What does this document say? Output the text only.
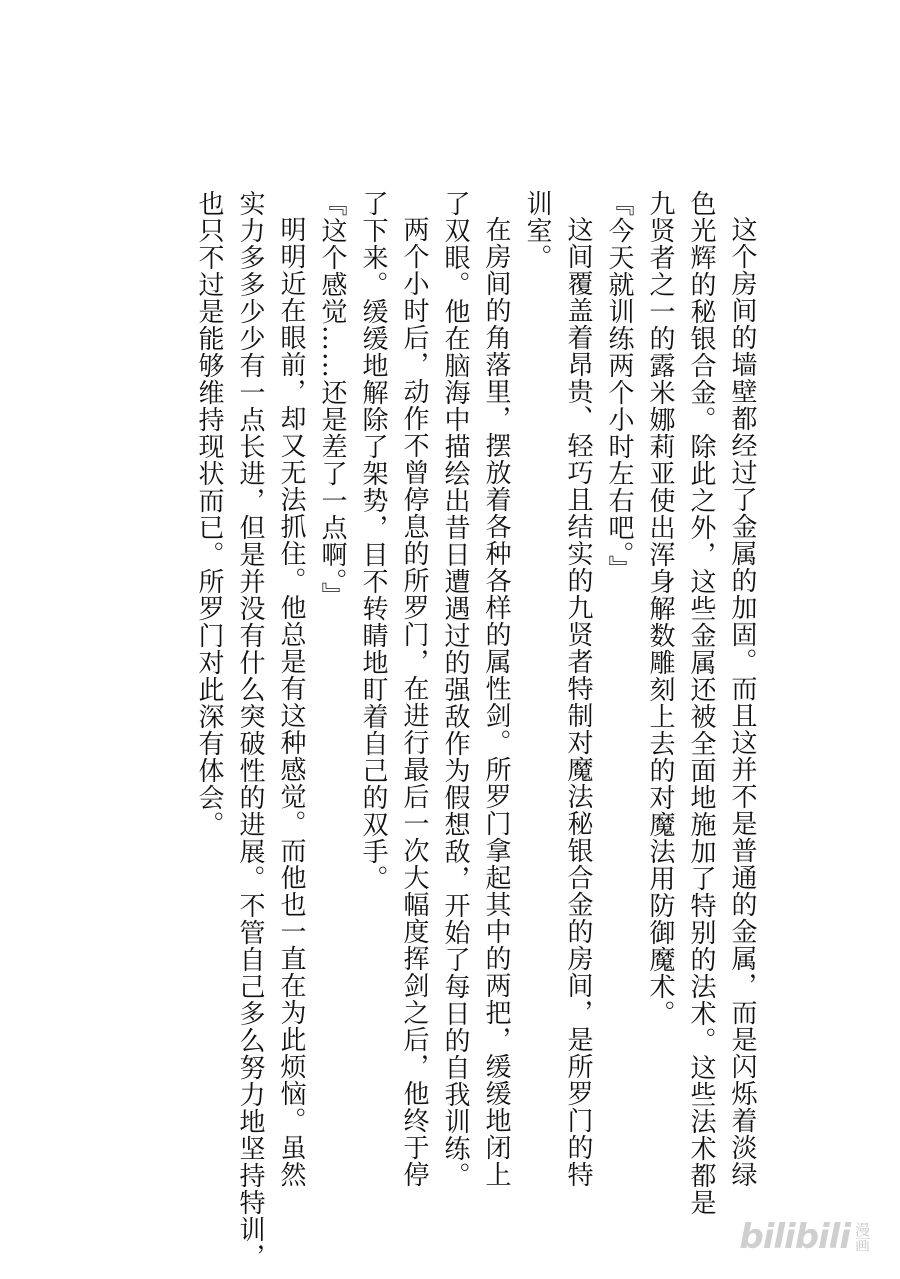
这个房间的墙壁都经过了金属的加固。而且这并不是普通的金属，而是闪烁着淡绿
色光辉的秘银合金。除此之外，这些金属还被全面地施加了特别的法术。这些法术都是
九贤者之一的露米娜莉亚使出浑身解数雕刻上去的对魔法用防御魔术。
『今天就训练两个小时左右吧。』
这间覆盖着昂贵、轻巧且结实的九贤者特制对魔法秘银合金的房间，是所罗门的特
训室。
在房间的角落里，摆放着各种各样的属性剑。所罗门拿起其中的两把，缓缓地闭上
了双眼。他在脑海中描绘出昔日遭遇过的强敌作为假想敌，开始了每日的自我训练。
两个小时后，动作不曾停息的所罗门，在进行最后一次大幅度挥剑之后，他终于停
了下来。缓缓地解除了架势，目不转睛地盯着自己的双手。
『这个感觉……还是差了一点啊。』
明明近在眼前，却又无法抓住。他总是有这种感觉。而他也一直在为此烦恼。虽然
实力多多少少有一点长进，但是并没有什么突破性的进展。不管自己多么努力地坚持特训，
也只不过是能够维持现状而已。所罗门对此深有体会。
bilibili 漫画
